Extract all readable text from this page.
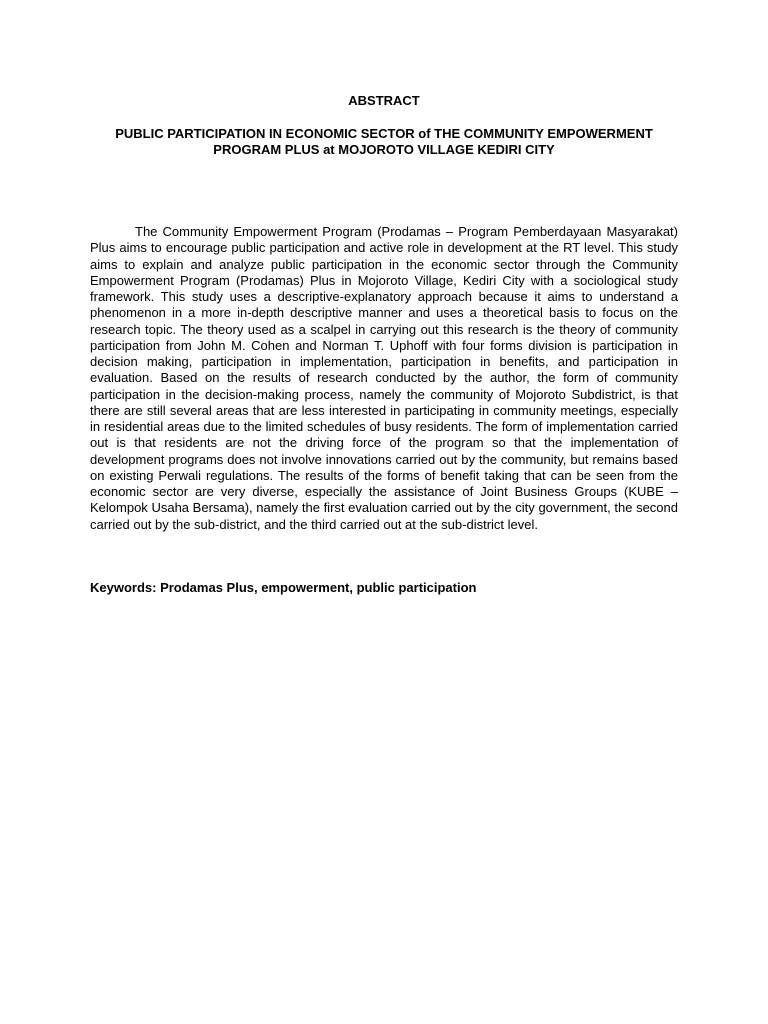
ABSTRACT
PUBLIC PARTICIPATION IN ECONOMIC SECTOR of THE COMMUNITY EMPOWERMENT PROGRAM PLUS at MOJOROTO VILLAGE KEDIRI CITY

The Community Empowerment Program (Prodamas – Program Pemberdayaan Masyarakat) Plus aims to encourage public participation and active role in development at the RT level. This study aims to explain and analyze public participation in the economic sector through the Community Empowerment Program (Prodamas) Plus in Mojoroto Village, Kediri City with a sociological study framework. This study uses a descriptive-explanatory approach because it aims to understand a phenomenon in a more in-depth descriptive manner and uses a theoretical basis to focus on the research topic. The theory used as a scalpel in carrying out this research is the theory of community participation from John M. Cohen and Norman T. Uphoff with four forms division is participation in decision making, participation in implementation, participation in benefits, and participation in evaluation. Based on the results of research conducted by the author, the form of community participation in the decision-making process, namely the community of Mojoroto Subdistrict, is that there are still several areas that are less interested in participating in community meetings, especially in residential areas due to the limited schedules of busy residents. The form of implementation carried out is that residents are not the driving force of the program so that the implementation of development programs does not involve innovations carried out by the community, but remains based on existing Perwali regulations. The results of the forms of benefit taking that can be seen from the economic sector are very diverse, especially the assistance of Joint Business Groups (KUBE – Kelompok Usaha Bersama), namely the first evaluation carried out by the city government, the second carried out by the sub-district, and the third carried out at the sub-district level.

Keywords: Prodamas Plus, empowerment, public participation
